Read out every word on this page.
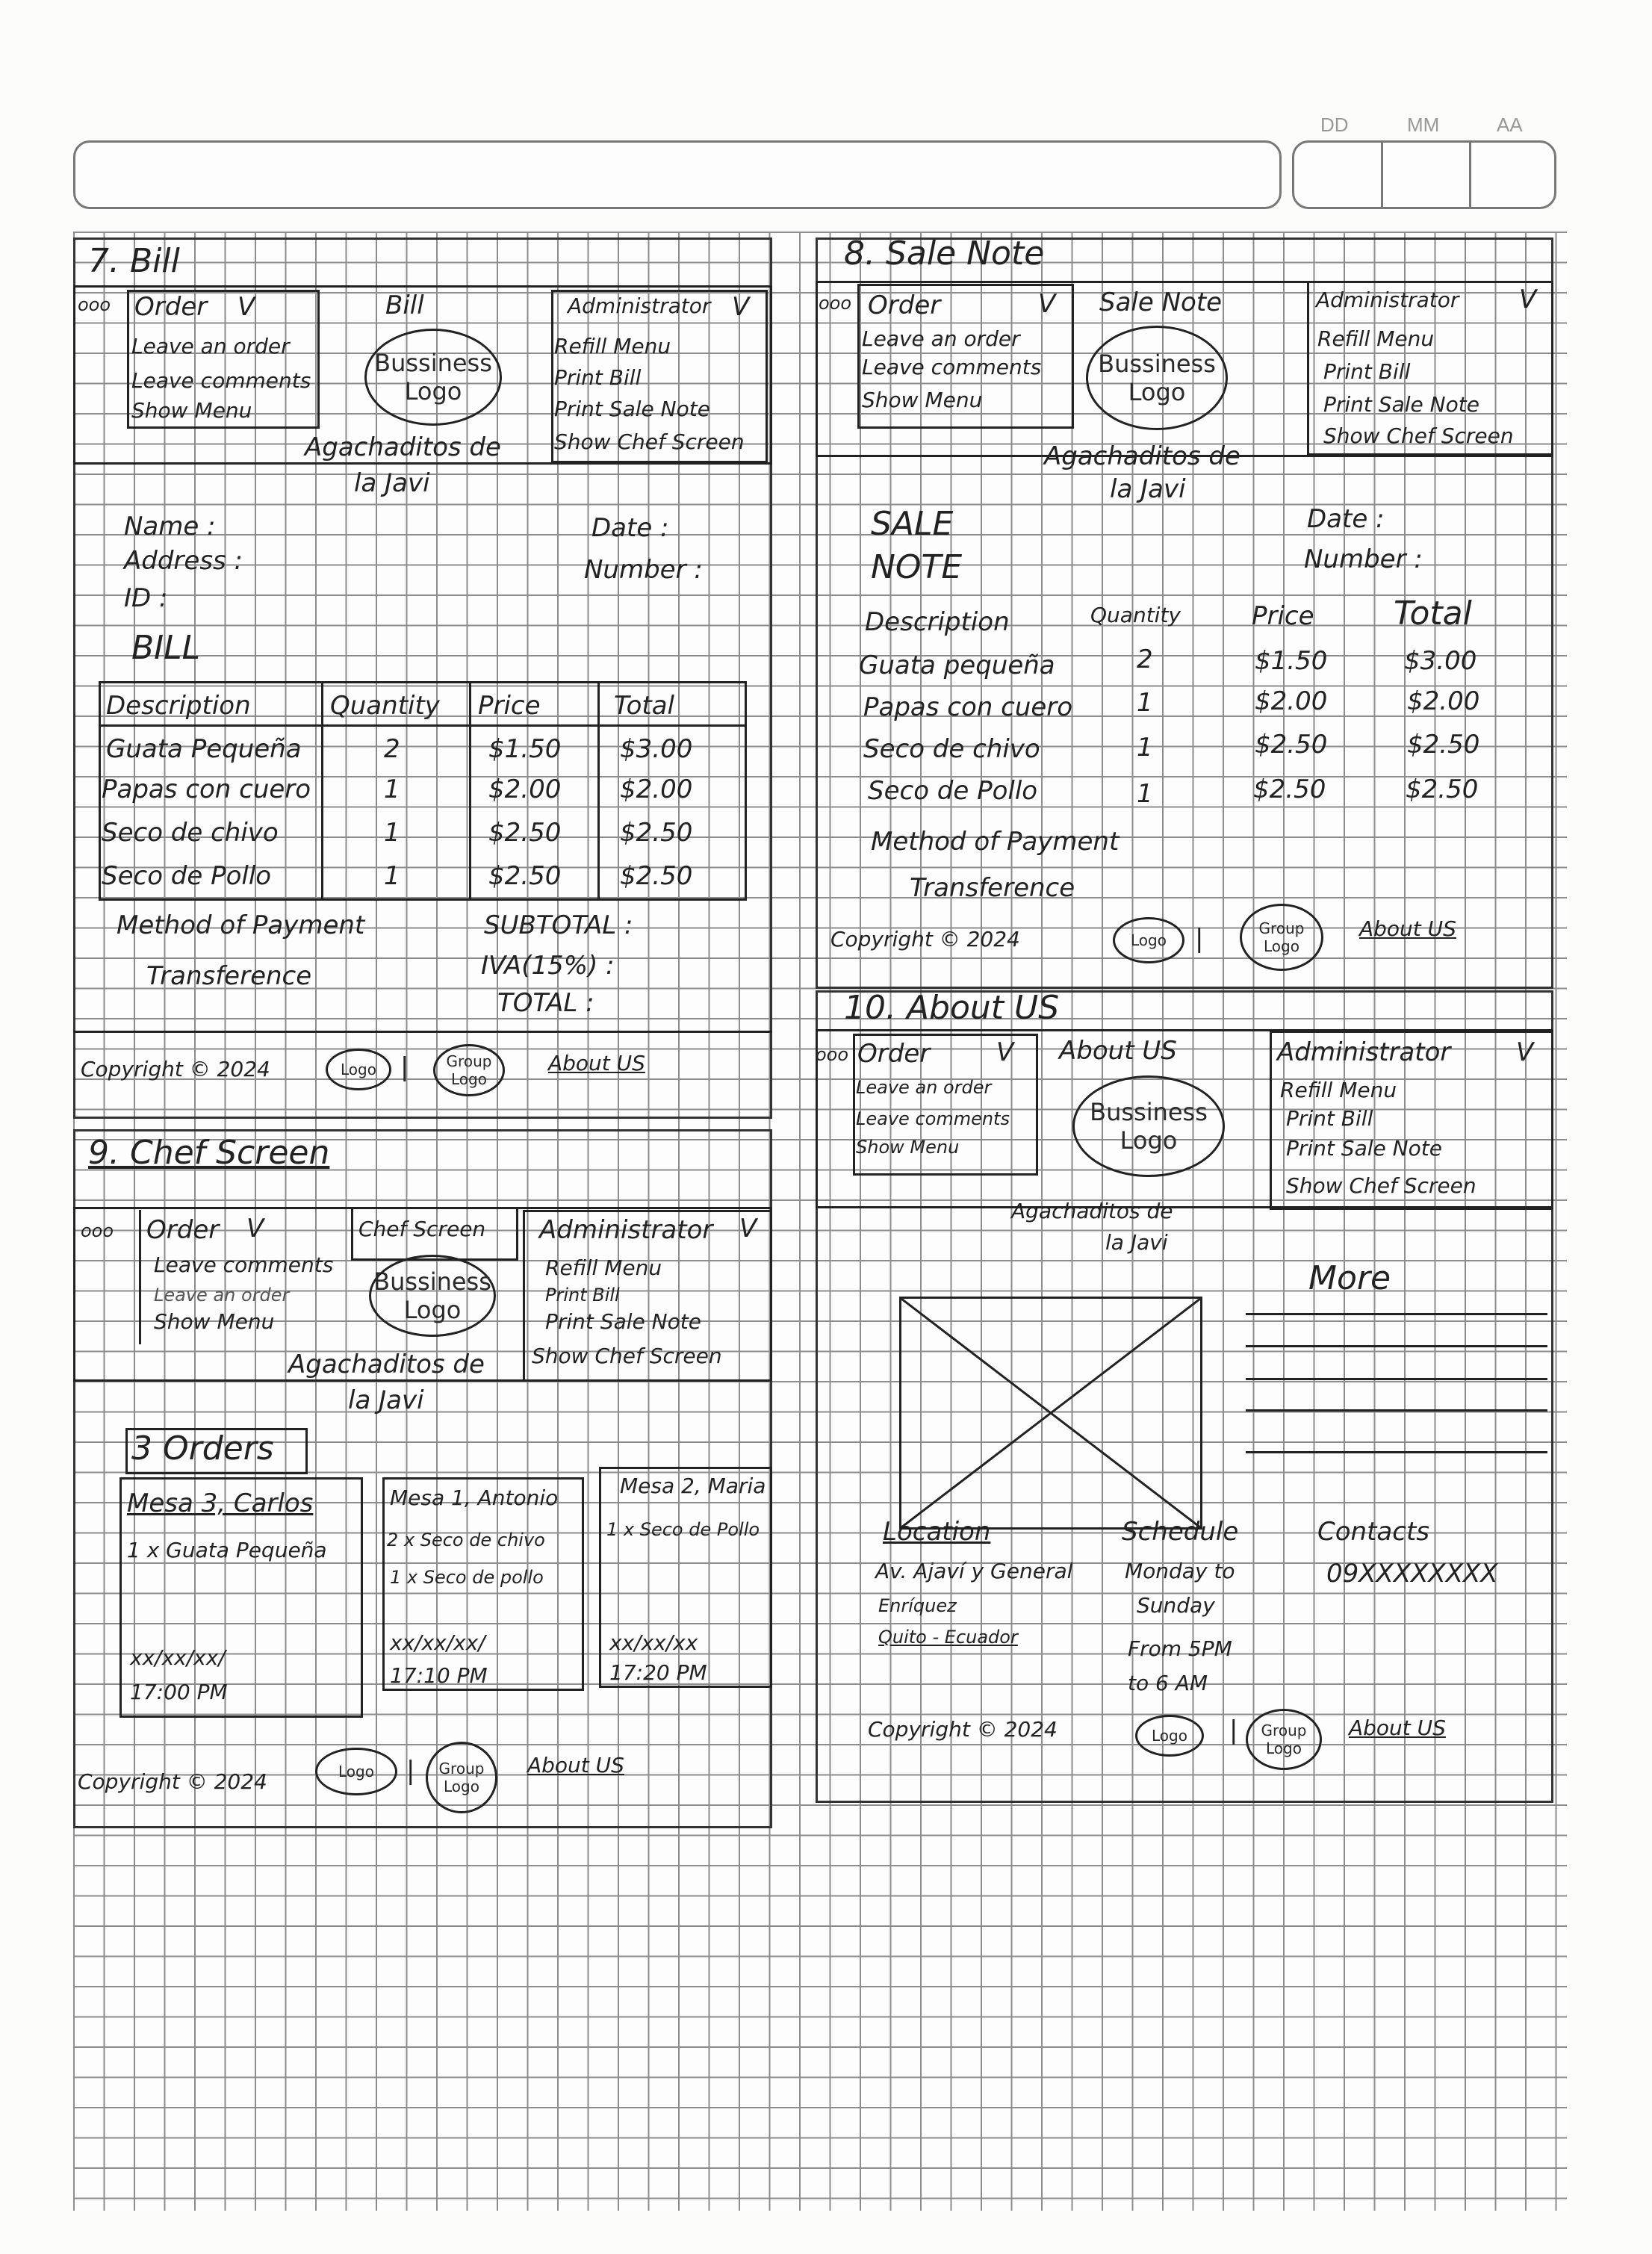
DD	MM	AA
7. Bill
ooo Order V
Leave an order
Leave comments
Show Menu
Bill
Bussiness Logo
Agachaditos de
la Javi
Administrator V
Refill Menu
Print Bill
Print Sale Note
Show Chef Screen
Name :
Address :
ID :
Date :
Number :
BILL
Description	Quantity Price	Total
Guata Pequeña	2	$1.50 $3.00
Papas con cuero	1	$2.00 $2.00
Seco de chivo	1	$2.50 $2.50
Seco de Pollo	1	$2.50 $2.50
Method of Payment
Transference
SUBTOTAL :
IVA(15%) :
TOTAL :
Copyright © 2024	Logo |	Group Logo
About US
8. Sale Note
ooo Order	V
Leave an order
Leave comments
Show Menu
Sale Note
Bussiness Logo
Agachaditos de
la Javi
Administrator V
Refill Menu
Print Bill
Print Sale Note
Show Chef Screen
SALE
NOTE
Date :
Number :
Description	Quantity	Price Total
Guata pequeña	2	$1.50	$3.00
Papas con cuero	1	$2.00	$2.00
Seco de chivo	1	$2.50	$2.50
Seco de Pollo	1	$2.50	$2.50
Method of Payment
Transference
Copyright © 2024	Logo	|	Group Logo
About US
9. Chef Screen
ooo Order V
Leave comments
Leave an order
Show Menu
Chef Screen
Bussiness Logo
Agachaditos de
la Javi
Administrator V
Refill Menu
Print Bill
Print Sale Note
Show Chef Screen
3 Orders
Mesa 3, Carlos
1 x Guata Pequeña
xx/xx/xx/
17:00 PM
Mesa 1, Antonio
2 x Seco de chivo
1 x Seco de pollo
xx/xx/xx/
17:10 PM
Mesa 2, Maria
1 x Seco de Pollo
xx/xx/xx
17:20 PM
Copyright © 2024	Logo	|	Group Logo
About US
10. About US
ooo Order	V
Leave an order
Leave comments
Show Menu
About US
Bussiness Logo
Agachaditos de
la Javi
Administrator	V
Refill Menu
Print Bill
Print Sale Note
Show Chef Screen
More
Location
Av. Ajaví y General
Enríquez
Quito - Ecuador
Schedule
Monday to
Sunday
From 5PM
to 6 AM
Contacts
09XXXXXXXX
Copyright © 2024	Logo	|	Group Logo
About US
